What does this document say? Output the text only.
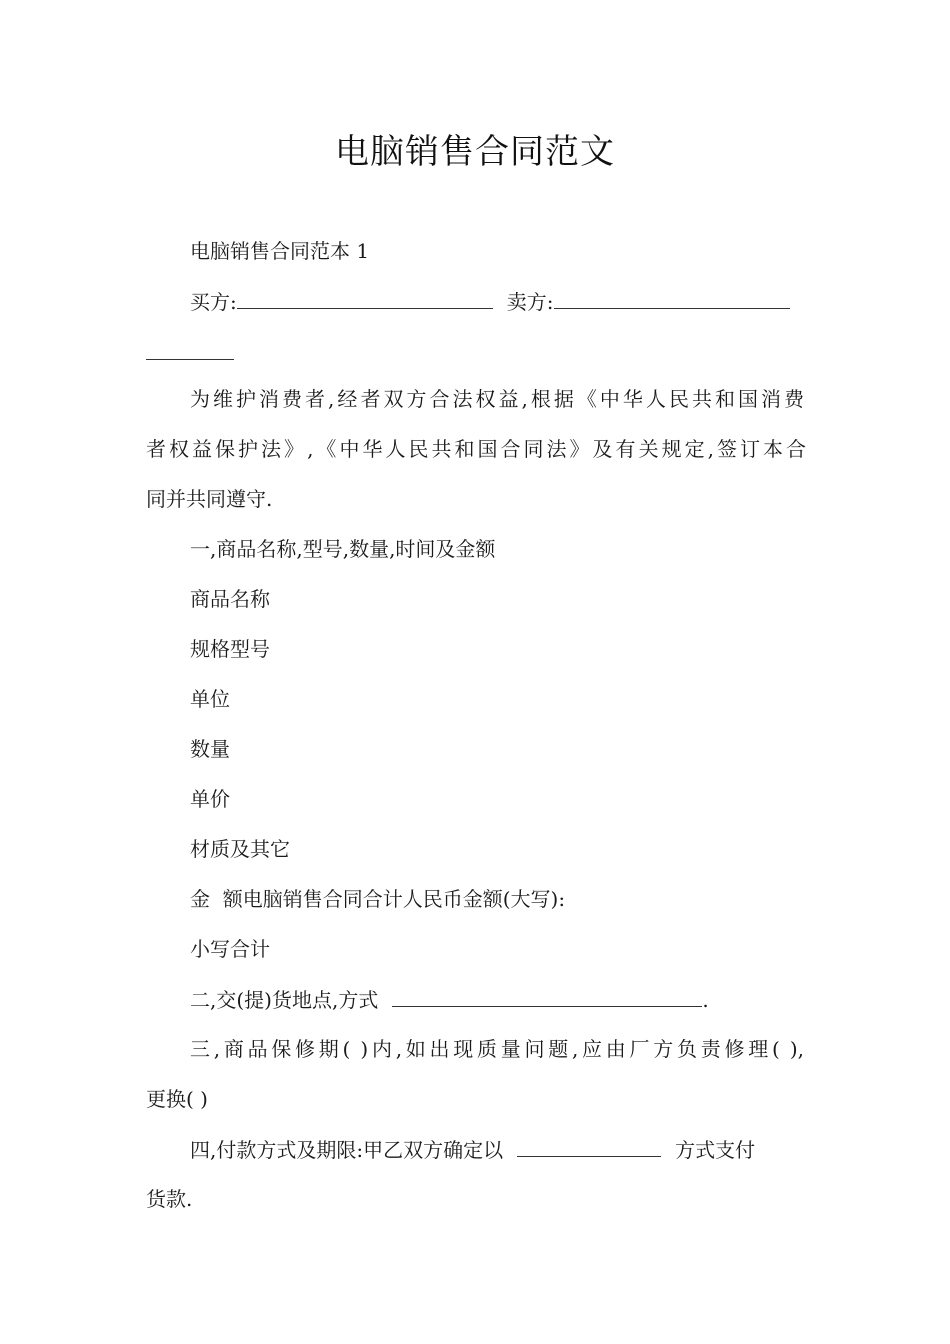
电脑销售合同范文
电脑销售合同范本 1
买方:	卖方:
为维护消费者,经者双方合法权益,根据《中华人民共和国消费
者权益保护法》,《中华人民共和国合同法》及有关规定,签订本合
同并共同遵守.
一,商品名称,型号,数量,时间及金额
商品名称
规格型号
单位
数量
单价
材质及其它
金  额电脑销售合同合计人民币金额(大写):
小写合计
二,交(提)货地点,方式	.
三,商品保修期( )内,如出现质量问题,应由厂方负责修理( ),
更换( )
四,付款方式及期限:甲乙双方确定以	方式支付
货款.
